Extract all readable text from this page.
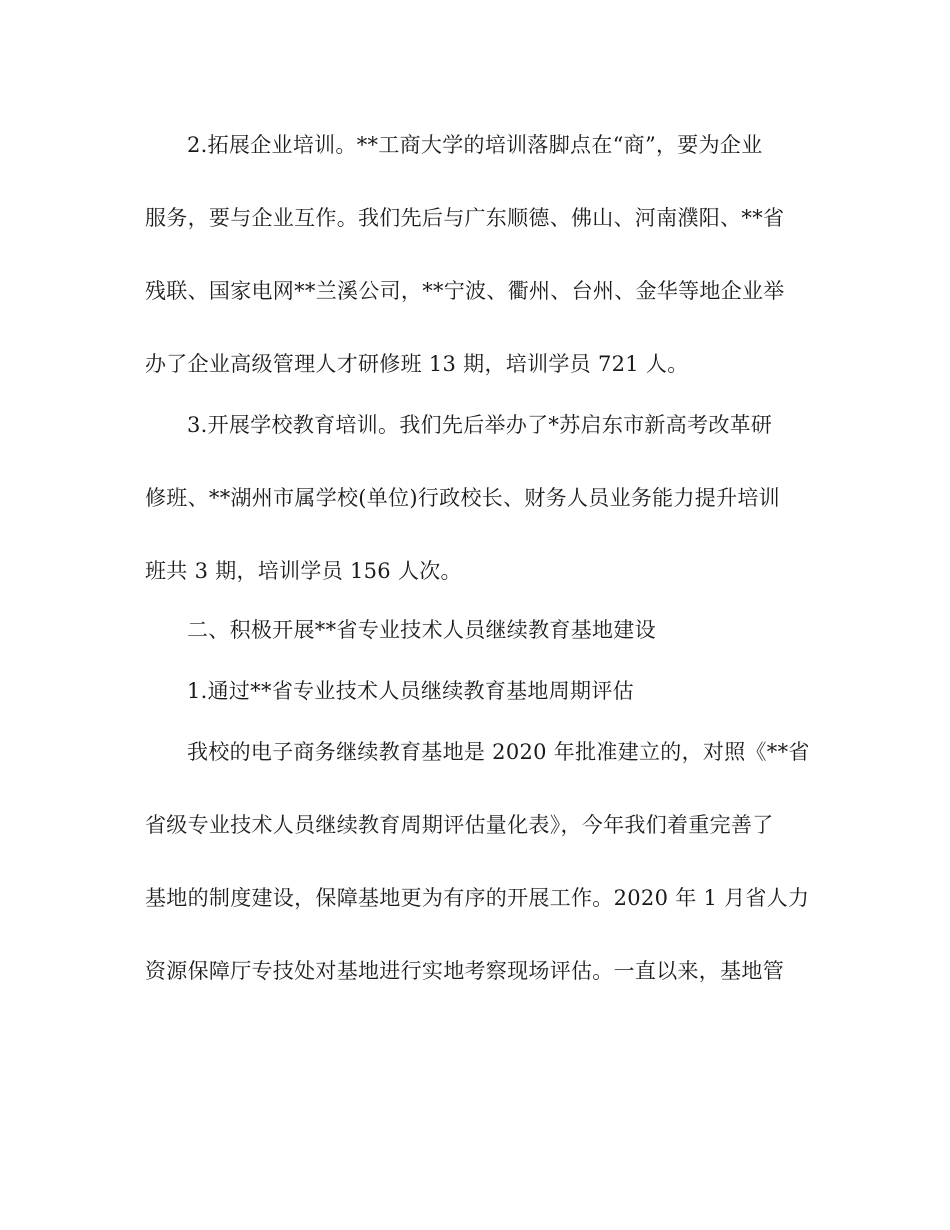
2.拓展企业培训。**工商大学的培训落脚点在“商”，要为企业
服务，要与企业互作。我们先后与广东顺德、佛山、河南濮阳、**省
残联、国家电网**兰溪公司，**宁波、衢州、台州、金华等地企业举
办了企业高级管理人才研修班 13 期，培训学员 721 人。
3.开展学校教育培训。我们先后举办了*苏启东市新高考改革研
修班、**湖州市属学校(单位)行政校长、财务人员业务能力提升培训
班共 3 期，培训学员 156 人次。
二、积极开展**省专业技术人员继续教育基地建设
1.通过**省专业技术人员继续教育基地周期评估
我校的电子商务继续教育基地是 2020 年批准建立的，对照《**省
省级专业技术人员继续教育周期评估量化表》，今年我们着重完善了
基地的制度建设，保障基地更为有序的开展工作。2020 年 1 月省人力
资源保障厅专技处对基地进行实地考察现场评估。一直以来，基地管
